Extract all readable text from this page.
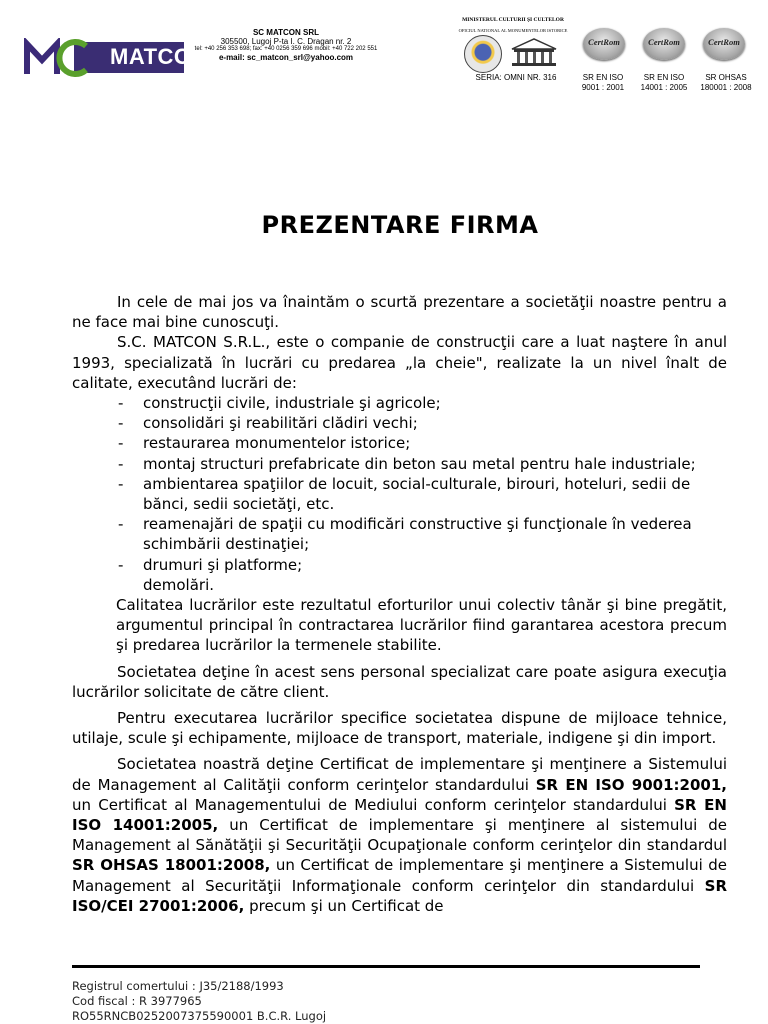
MATCON
SC MATCON SRL
305500, Lugoj P-ta I. C. Dragan nr. 2
tel: +40 256 353 698; fax: +40 0256 359 696 mobil: +40 722 202 551
e-mail: sc_matcon_srl@yahoo.com
MINISTERUL CULTURII ŞI CULTELOR
OFICIUL NATIONAL AL MONUMENTELOR ISTORICE
CertRom	CertRom	CertRom
SERIA: OMNI NR. 316	SR EN ISO
9001 : 2001
SR EN ISO
14001 : 2005
SR OHSAS
180001 : 2008
PREZENTARE FIRMA

In cele de mai jos va înaintăm o scurtă prezentare a societăţii noastre pentru a ne face mai bine cunoscuţi.

S.C. MATCON S.R.L., este o companie de construcţii care a luat naştere în anul 1993, specializată în lucrări cu predarea „la cheie", realizate la un nivel înalt de calitate, executând lucrări de:

- construcţii civile, industriale şi agricole;
- consolidări şi reabilitări clădiri vechi;
- restaurarea monumentelor istorice;
- montaj structuri prefabricate din beton sau metal pentru hale industriale;
- ambientarea spaţiilor de locuit, social-culturale, birouri, hoteluri, sedii de bănci, sedii societăţi, etc.
- reamenajări de spaţii cu modificări constructive şi funcţionale în vederea schimbării destinaţiei;
- drumuri şi platforme;
demolări.

Calitatea lucrărilor este rezultatul eforturilor unui colectiv tânăr şi bine pregătit, argumentul principal în contractarea lucrărilor fiind garantarea acestora precum şi predarea lucrărilor la termenele stabilite.

Societatea deţine în acest sens personal specializat care poate asigura execuţia lucrărilor solicitate de către client.

Pentru executarea lucrărilor specifice societatea dispune de mijloace tehnice, utilaje, scule şi echipamente, mijloace de transport, materiale, indigene şi din import.

Societatea noastră deţine Certificat de implementare şi menţinere a Sistemului de Management al Calităţii conform cerinţelor standardului SR EN ISO 9001:2001, un Certificat al Managementului de Mediului conform cerinţelor standardului SR EN ISO 14001:2005, un Certificat de implementare şi menţinere al sistemului de Management al Sănătăţii şi Securităţii Ocupaţionale conform cerinţelor din standardul SR OHSAS 18001:2008, un Certificat de implementare şi menţinere a Sistemului de Management al Securităţii Informaţionale conform cerinţelor din standardului SR ISO/CEI 27001:2006, precum şi un Certificat de

Registrul comertului : J35/2188/1993
Cod fiscal : R 3977965
RO55RNCB0252007375590001 B.C.R. Lugoj
